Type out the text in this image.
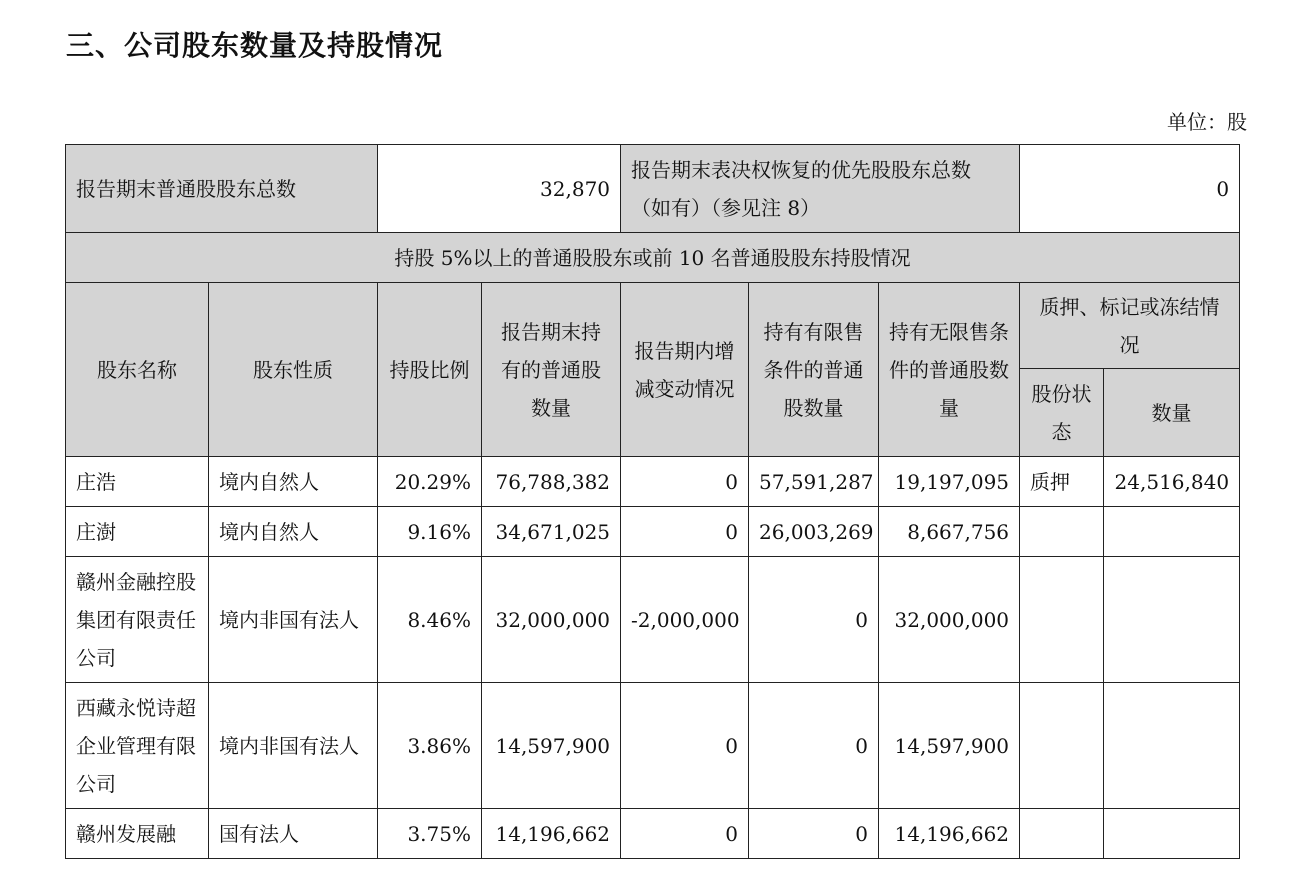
三、公司股东数量及持股情况
单位：股
报告期末普通股股东总数		32,870		报告期末表决权恢复的优先股股东总数（如有）（参见注 8）			0	
持股 5%以上的普通股股东或前 10 名普通股股东持股情况								
股东名称	股东性质	持股比例	报告期末持有的普通股数量	报告期内增减变动情况	持有有限售条件的普通股数量	持有无限售条件的普通股数量	质押、标记或冻结情况	
							股份状态	数量
庄浩	境内自然人	20.29%	76,788,382	0	57,591,287	19,197,095	质押	24,516,840
庄澍	境内自然人	9.16%	34,671,025	0	26,003,269	8,667,756		
赣州金融控股集团有限责任公司	境内非国有法人	8.46%	32,000,000	-2,000,000	0	32,000,000		
西藏永悦诗超企业管理有限公司	境内非国有法人	3.86%	14,597,900	0	0	14,597,900		
赣州发展融	国有法人	3.75%	14,196,662	0	0	14,196,662		
